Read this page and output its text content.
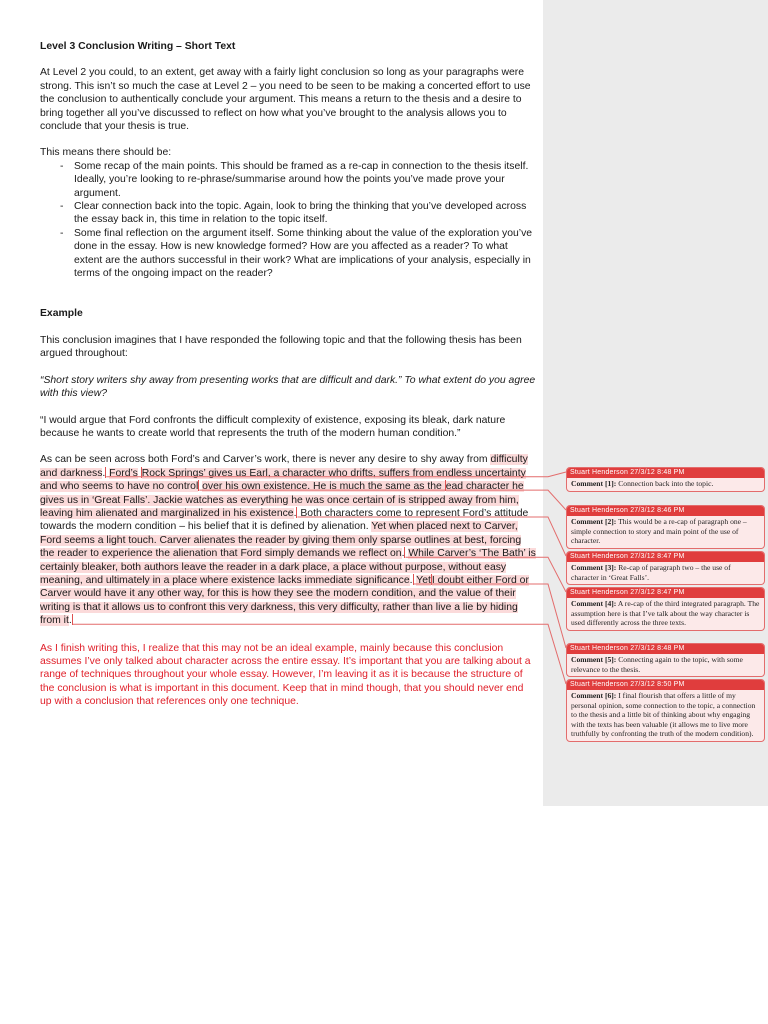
Level 3 Conclusion Writing – Short Text
At Level 2 you could, to an extent, get away with a fairly light conclusion so long as your paragraphs were strong. This isn’t so much the case at Level 2 – you need to be seen to be making a concerted effort to use the conclusion to authentically conclude your argument. This means a return to the thesis and a desire to bring together all you’ve discussed to reflect on how what you’ve brought to the analysis allows you to conclude that your thesis is true.
This means there should be:
- Some recap of the main points. This should be framed as a re-cap in connection to the thesis itself. Ideally, you’re looking to re-phrase/summarise around how the points you’ve made prove your argument.
- Clear connection back into the topic. Again, look to bring the thinking that you’ve developed across the essay back in, this time in relation to the topic itself.
- Some final reflection on the argument itself. Some thinking about the value of the exploration you’ve done in the essay. How is new knowledge formed? How are you affected as a reader? To what extent are the authors successful in their work? What are implications of your analysis, especially in terms of the ongoing impact on the reader?
Example
This conclusion imagines that I have responded the following topic and that the following thesis has been argued throughout:
“Short story writers shy away from presenting works that are difficult and dark.” To what extent do you agree with this view?
“I would argue that Ford confronts the difficult complexity of existence, exposing its bleak, dark nature because he wants to create world that represents the truth of the modern human condition.”
As can be seen across both Ford’s and Carver’s work, there is never any desire to shy away from difficulty and darkness. Ford’s Rock Springs’ gives us Earl, a character who drifts, suffers from endless uncertainty and who seems to have no control over his own existence. He is much the same as the ead character he gives us in ‘Great Falls’. Jackie watches as everything he was once certain of is stripped away from him, leaving him alienated and marginalized in his existence. Both characters come to represent Ford’s attitude towards the modern condition – his belief that it is defined by alienation. Yet when placed next to Carver, Ford seems a light touch. Carver alienates the reader by giving them only sparse outlines at best, forcing the reader to experience the alienation that Ford simply demands we reflect on. While Carver’s ‘The Bath’ is certainly bleaker, both authors leave the reader in a dark place, a place without purpose, without easy meaning, and ultimately in a place where existence lacks immediate significance. YetI doubt either Ford or Carver would have it any other way, for this is how they see the modern condition, and the value of their writing is that it allows us to confront this very darkness, this very difficulty, rather than live a lie by hiding from it.
As I finish writing this, I realize that this may not be an ideal example, mainly because this conclusion assumes I’ve only talked about character across the entire essay. It’s important that you are talking about a range of techniques throughout your whole essay. However, I’m leaving it as it is because the structure of the conclusion is what is important in this document. Keep that in mind though, that you should never end up with a conclusion that references only one technique.
Stuart Henderson 27/3/12 8:48 PM
Comment [1]: Connection back into the topic.
Stuart Henderson 27/3/12 8:46 PM
Comment [2]: This would be a re-cap of paragraph one – simple connection to story and main point of the use of character.
Stuart Henderson 27/3/12 8:47 PM
Comment [3]: Re-cap of paragraph two – the use of character in ‘Great Falls’.
Stuart Henderson 27/3/12 8:47 PM
Comment [4]: A re-cap of the third integrated paragraph. The assumption here is that I’ve talk about the way character is used differently across the three texts.
Stuart Henderson 27/3/12 8:48 PM
Comment [5]: Connecting again to the topic, with some relevance to the thesis.
Stuart Henderson 27/3/12 8:50 PM
Comment [6]: I final flourish that offers a little of my personal opinion, some connection to the topic, a connection to the thesis and a little bit of thinking about why engaging with the texts has been valuable (it allows me to live more truthfully by confronting the truth of the modern condition).
